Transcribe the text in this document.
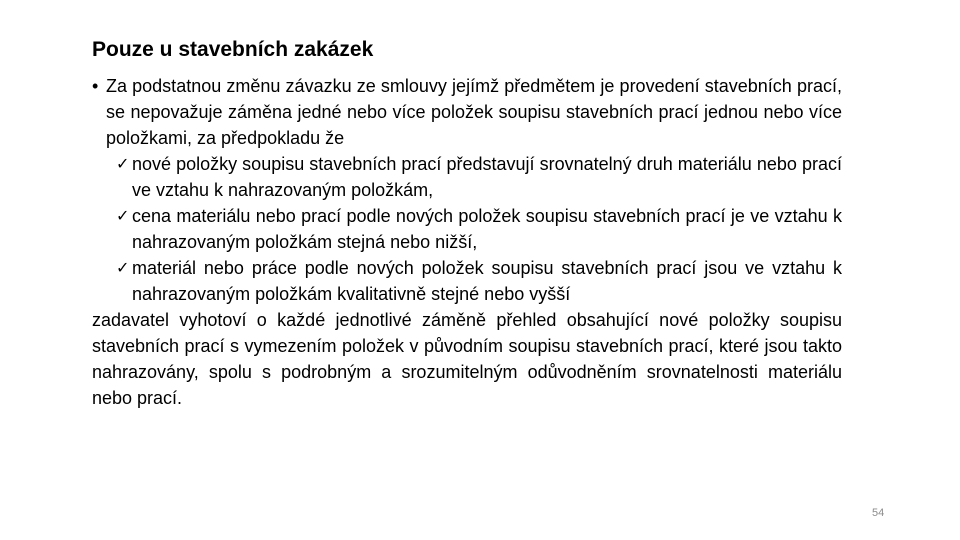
Pouze u stavebních zakázek
• Za podstatnou změnu závazku ze smlouvy jejímž předmětem je provedení stavebních prací, se nepovažuje záměna jedné nebo více položek soupisu stavebních prací jednou nebo více položkami, za předpokladu že
✓ nové položky soupisu stavebních prací představují srovnatelný druh materiálu nebo prací ve vztahu k nahrazovaným položkám,
✓ cena materiálu nebo prací podle nových položek soupisu stavebních prací je ve vztahu k nahrazovaným položkám stejná nebo nižší,
✓ materiál nebo práce podle nových položek soupisu stavebních prací jsou ve vztahu k nahrazovaným položkám kvalitativně stejné nebo vyšší
zadavatel vyhotoví o každé jednotlivé záměně přehled obsahující nové položky soupisu stavebních prací s vymezením položek v původním soupisu stavebních prací, které jsou takto nahrazovány, spolu s podrobným a srozumitelným odůvodněním srovnatelnosti materiálu nebo prací.
54
